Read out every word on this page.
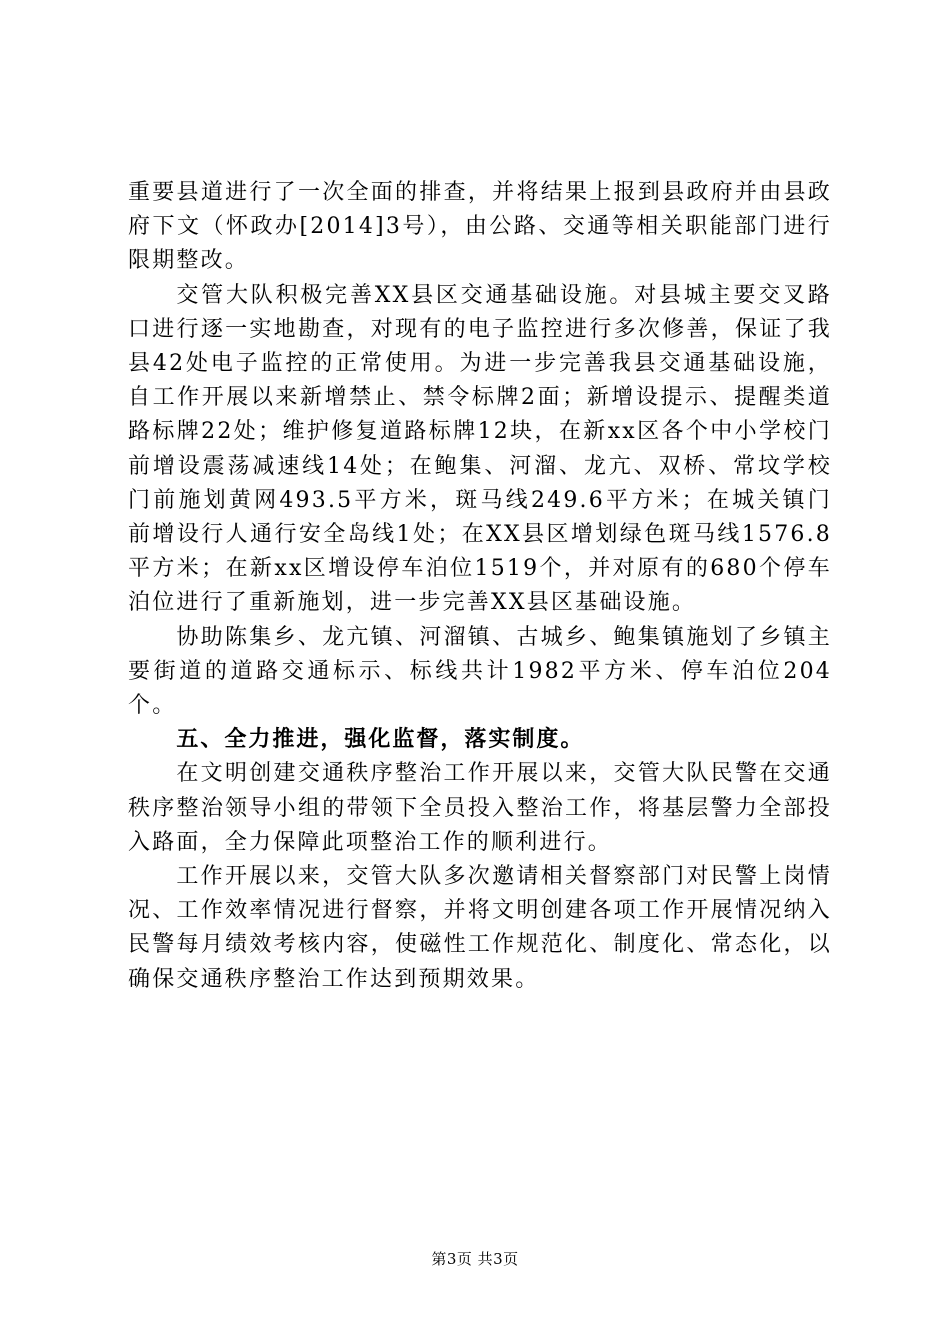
重要县道进行了一次全面的排查，并将结果上报到县政府并由县政府下文（怀政办[2014]3号），由公路、交通等相关职能部门进行限期整改。

交管大队积极完善XX县区交通基础设施。对县城主要交叉路口进行逐一实地勘查，对现有的电子监控进行多次修善，保证了我县42处电子监控的正常使用。为进一步完善我县交通基础设施，自工作开展以来新增禁止、禁令标牌2面；新增设提示、提醒类道路标牌22处；维护修复道路标牌12块，在新xx区各个中小学校门前增设震荡减速线14处；在鲍集、河溜、龙亢、双桥、常坟学校门前施划黄网493.5平方米，斑马线249.6平方米；在城关镇门前增设行人通行安全岛线1处；在XX县区增划绿色斑马线1576.8平方米；在新xx区增设停车泊位1519个，并对原有的680个停车泊位进行了重新施划，进一步完善XX县区基础设施。

协助陈集乡、龙亢镇、河溜镇、古城乡、鲍集镇施划了乡镇主要街道的道路交通标示、标线共计1982平方米、停车泊位204个。

五、全力推进，强化监督，落实制度。

在文明创建交通秩序整治工作开展以来，交管大队民警在交通秩序整治领导小组的带领下全员投入整治工作，将基层警力全部投入路面，全力保障此项整治工作的顺利进行。

工作开展以来，交管大队多次邀请相关督察部门对民警上岗情况、工作效率情况进行督察，并将文明创建各项工作开展情况纳入民警每月绩效考核内容，使磁性工作规范化、制度化、常态化，以确保交通秩序整治工作达到预期效果。

第3页 共3页
